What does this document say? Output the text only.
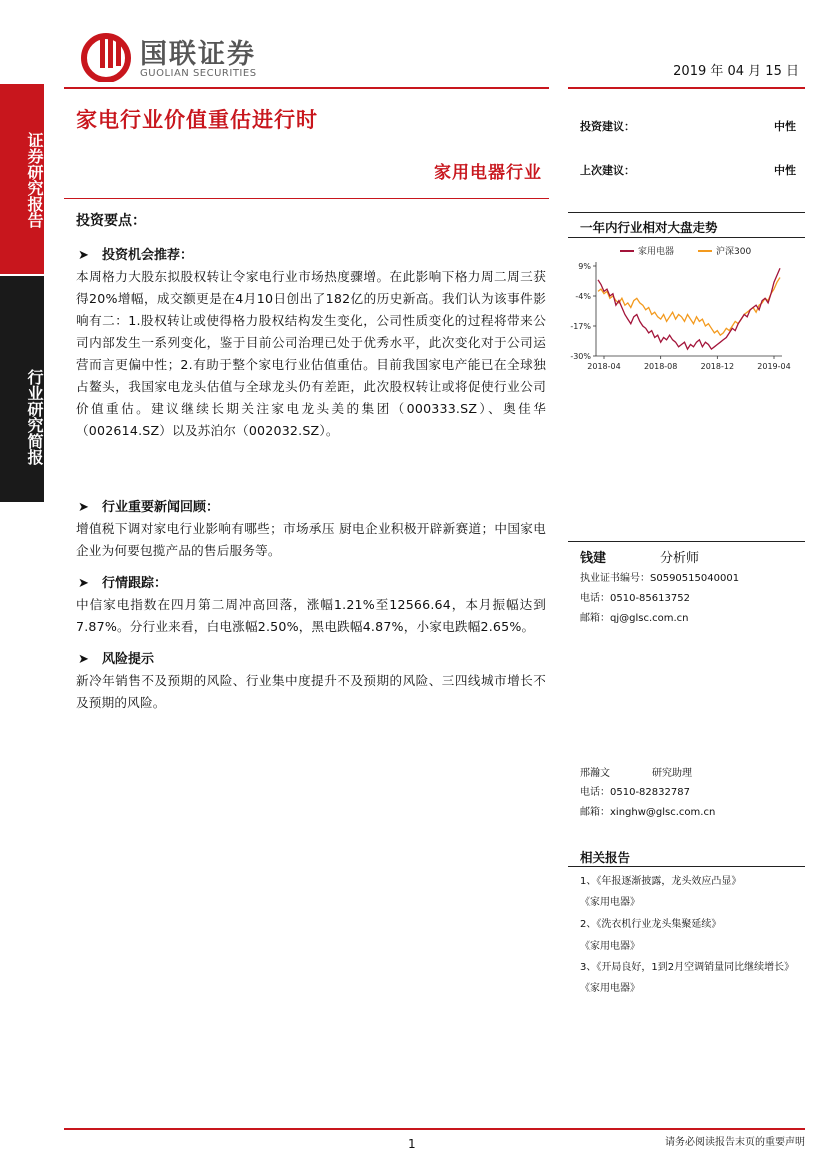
国联证券
GUOLIAN SECURITIES	2019 年 04 月 15 日
证券研究报告
行业研究简报
家电行业价值重估进行时
家用电器行业
投资建议：	中性
上次建议：	中性
投资要点：
➤ 投资机会推荐：
本周格力大股东拟股权转让令家电行业市场热度骤增。在此影响下格力周二周三获得20%增幅，成交额更是在4月10日创出了182亿的历史新高。我们认为该事件影响有二：1.股权转让或使得格力股权结构发生变化，公司性质变化的过程将带来公司内部发生一系列变化，鉴于目前公司治理已处于优秀水平，此次变化对于公司运营而言更偏中性；2.有助于整个家电行业估值重估。目前我国家电产能已在全球独占鳌头，我国家电龙头估值与全球龙头仍有差距，此次股权转让或将促使行业公司价值重估。建议继续长期关注家电龙头美的集团（000333.SZ）、奥佳华（002614.SZ）以及苏泊尔（002032.SZ）。
➤ 行业重要新闻回顾：
增值税下调对家电行业影响有哪些；市场承压 厨电企业积极开辟新赛道；中国家电企业为何要包揽产品的售后服务等。
➤ 行情跟踪：
中信家电指数在四月第二周冲高回落，涨幅1.21%至12566.64，本月振幅达到7.87%。分行业来看，白电涨幅2.50%，黑电跌幅4.87%，小家电跌幅2.65%。
➤ 风险提示
新冷年销售不及预期的风险、行业集中度提升不及预期的风险、三四线城市增长不及预期的风险。
一年内行业相对大盘走势
家用电器	沪深300
9%
-4%
-17%
-30%
2018-04	2018-08	2018-12	2019-04
钱建	分析师
执业证书编号：S0590515040001
电话：0510-85613752
邮箱：qj@glsc.com.cn
邢瀚文	研究助理
电话：0510-82832787
邮箱：xinghw@glsc.com.cn
相关报告
1、《年报逐渐披露，龙头效应凸显》
《家用电器》
2、《洗衣机行业龙头集聚延续》
《家用电器》
3、《开局良好，1到2月空调销量同比继续增长》
《家用电器》
1	请务必阅读报告末页的重要声明
